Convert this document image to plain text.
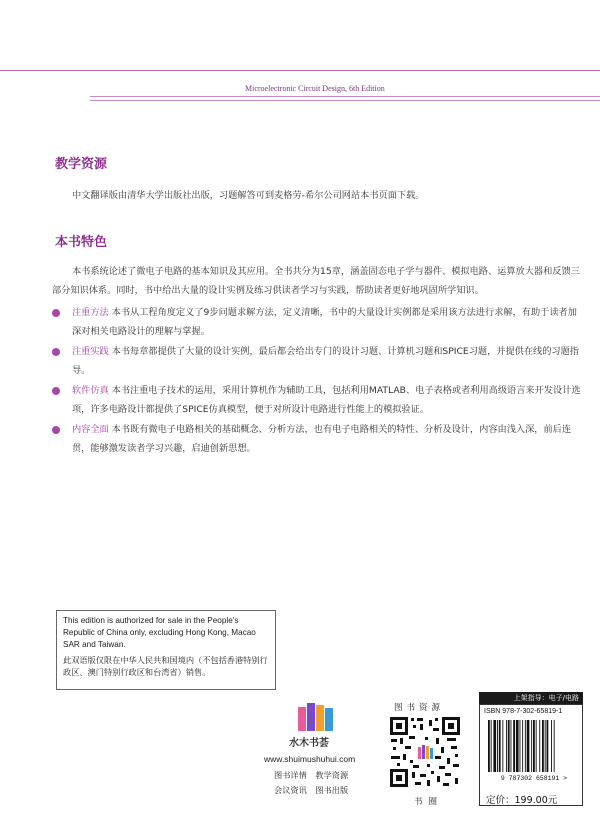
Microelectronic Circuit Design, 6th Edition
教学资源
中文翻译版由清华大学出版社出版，习题解答可到麦格劳-希尔公司网站本书页面下载。
本书特色
本书系统论述了微电子电路的基本知识及其应用。全书共分为15章，涵盖固态电子学与器件、模拟电路、运算放大器和反馈三部分知识体系。同时，书中给出大量的设计实例及练习供读者学习与实践，帮助读者更好地巩固所学知识。
注重方法 本书从工程角度定义了9步问题求解方法，定义清晰，书中的大量设计实例都是采用该方法进行求解，有助于读者加深对相关电路设计的理解与掌握。
注重实践 本书每章都提供了大量的设计实例，最后都会给出专门的设计习题、计算机习题和SPICE习题，并提供在线的习题指导。
软件仿真 本书注重电子技术的运用，采用计算机作为辅助工具，包括利用MATLAB、电子表格或者利用高级语言来开发设计选项，许多电路设计都提供了SPICE仿真模型，便于对所设计电路进行性能上的模拟验证。
内容全面 本书既有微电子电路相关的基础概念、分析方法，也有电子电路相关的特性、分析及设计，内容由浅入深，前后连贯，能够激发读者学习兴趣，启迪创新思想。
This edition is authorized for sale in the People's Republic of China only, excluding Hong Kong, Macao SAR and Taiwan.
此双语版仅限在中华人民共和国境内（不包括香港特别行政区、澳门特别行政区和台湾省）销售。
水木书荟
www.shuimushuhui.com
图书详情 教学资源
会议资讯 图书出版
图书资源
书圈
上架指导：电子/电路
ISBN 978-7-302-65819-1
9 787302 658191 >
定价：199.00元
